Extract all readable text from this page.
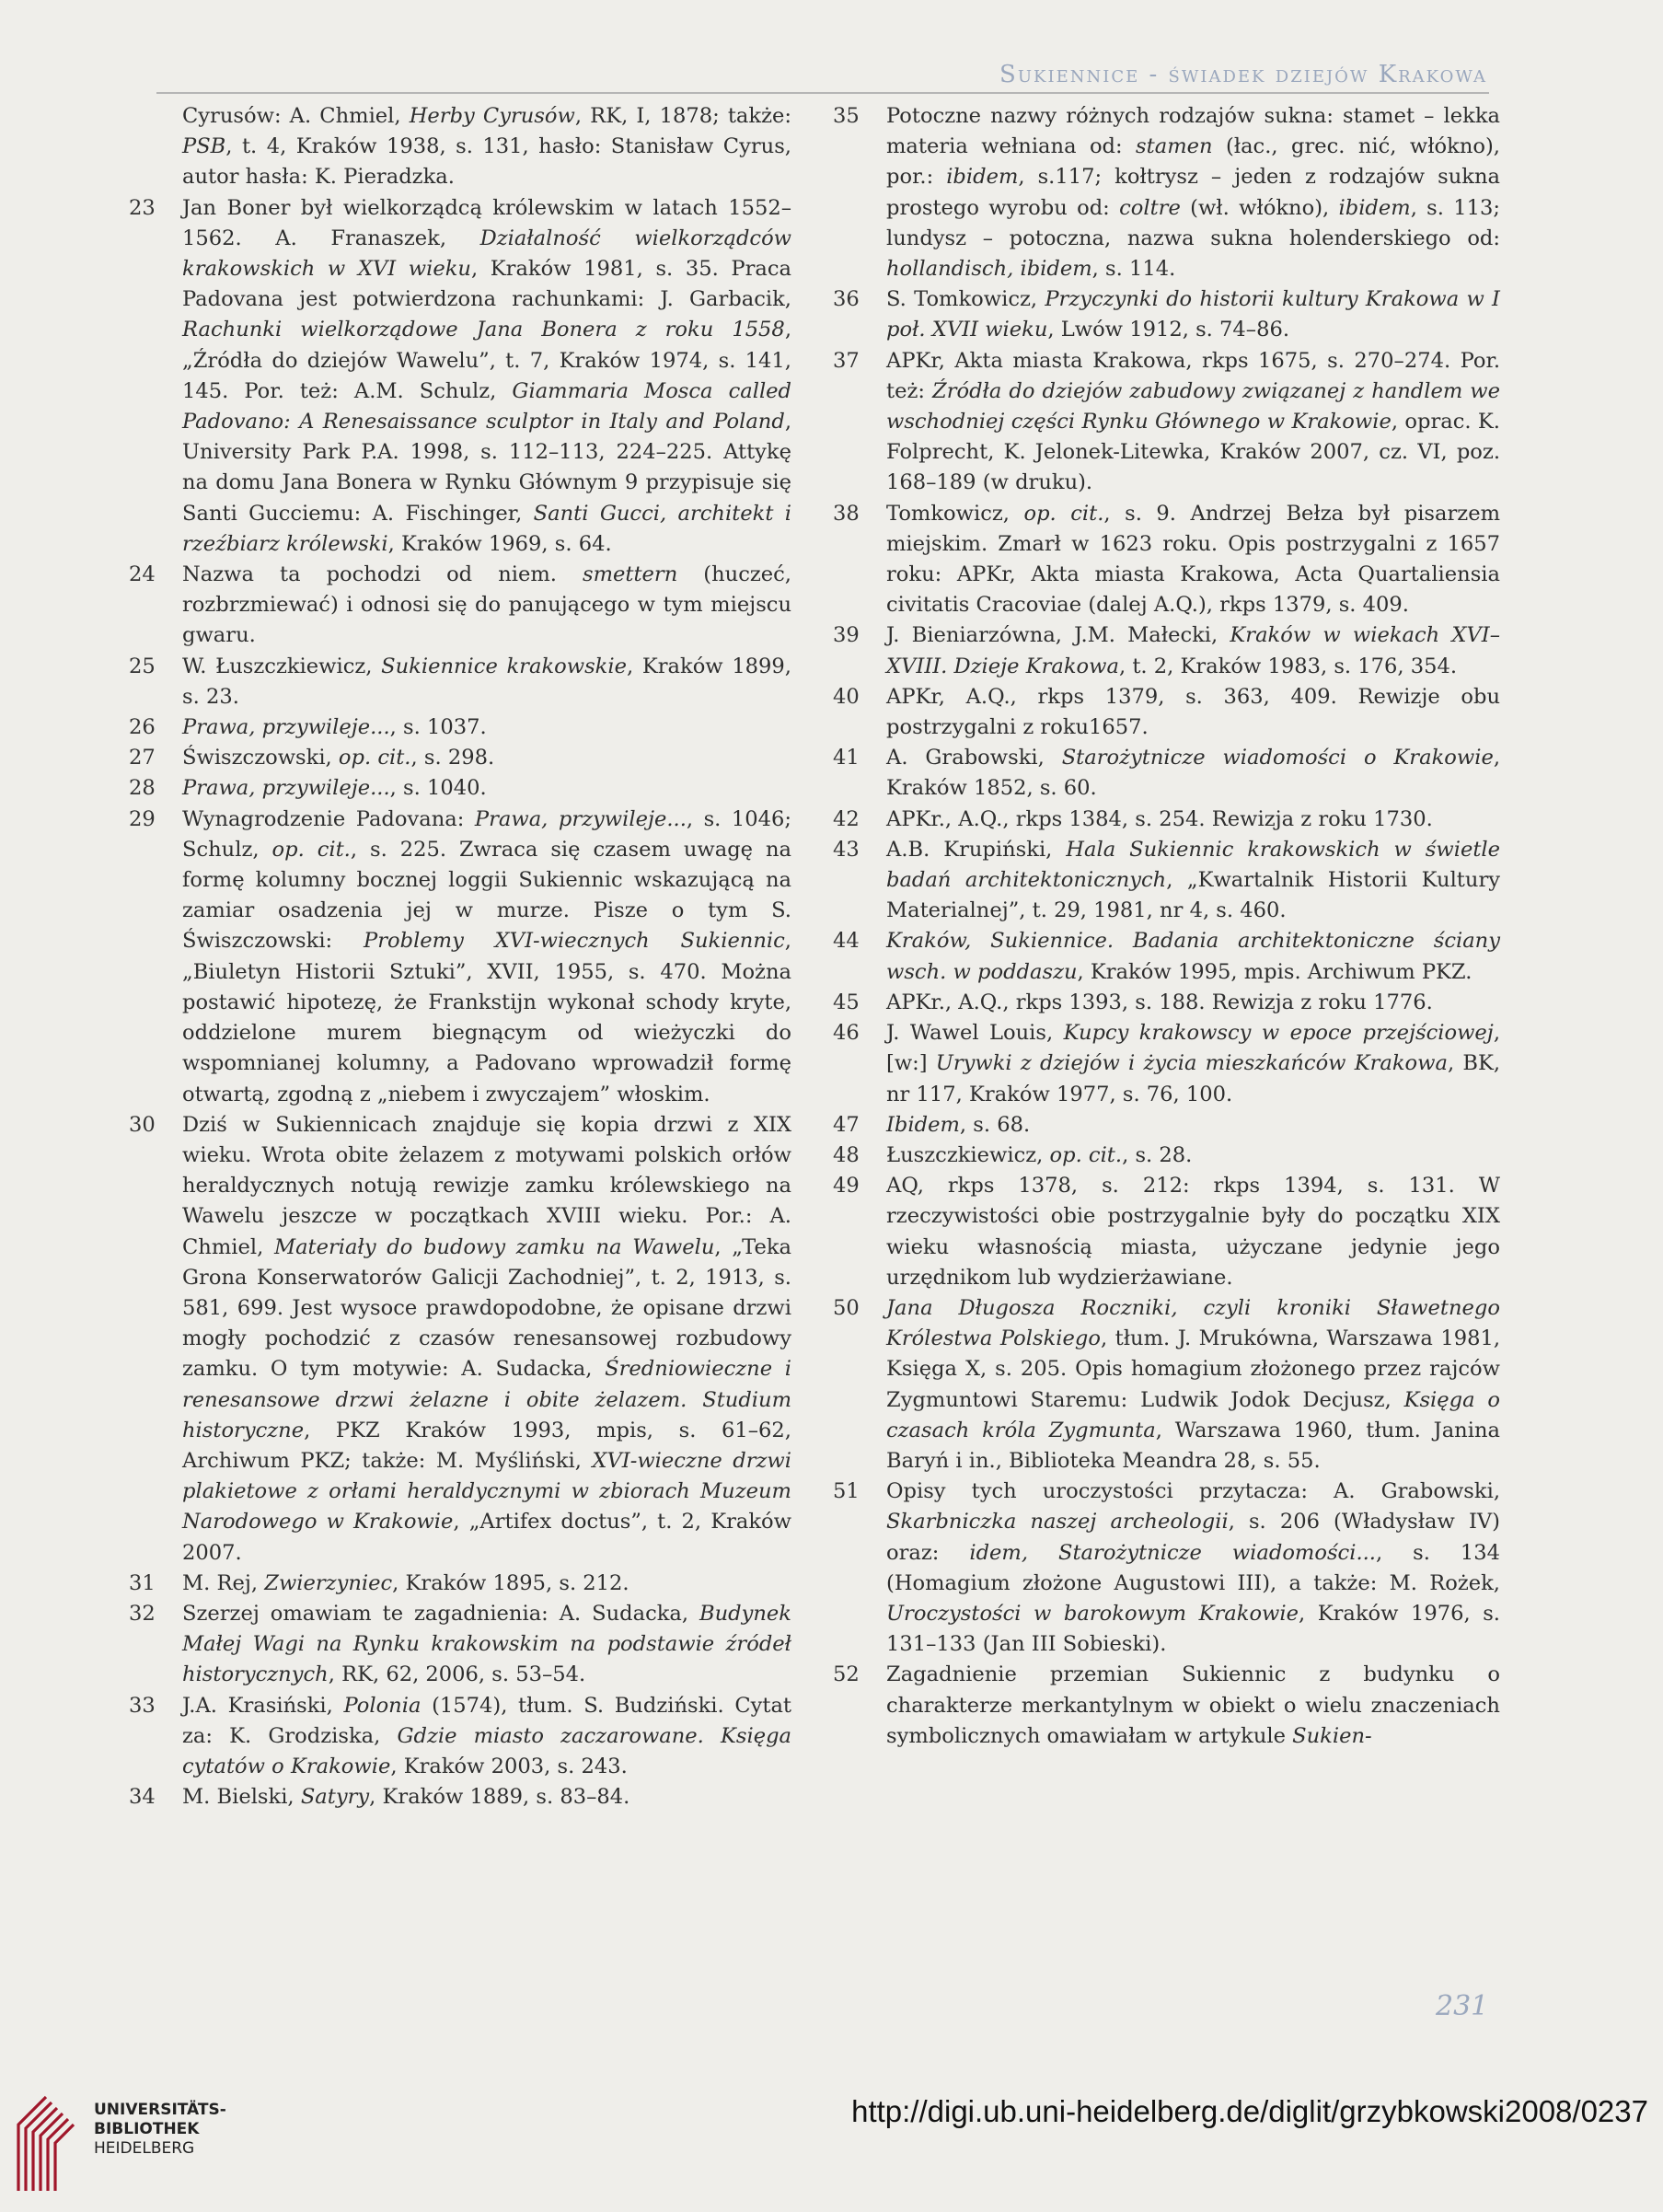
Sukiennice - świadek dziejów Krakowa
Cyrusów: A. Chmiel, Herby Cyrusów, RK, I, 1878; także: PSB, t. 4, Kraków 1938, s. 131, hasło: Stanisław Cyrus, autor hasła: K. Pieradzka.
23	Jan Boner był wielkorządcą królewskim w latach 1552–1562. A. Franaszek, Działalność wielkorządców krakowskich w XVI wieku, Kraków 1981, s. 35. Praca Padovana jest potwierdzona rachunkami: J. Garbacik, Rachunki wielkorządowe Jana Bonera z roku 1558, „Źródła do dziejów Wawelu”, t. 7, Kraków 1974, s. 141, 145. Por. też: A.M. Schulz, Giammaria Mosca called Padovano: A Renesaissance sculptor in Italy and Poland, University Park P.A. 1998, s. 112–113, 224–225. Attykę na domu Jana Bonera w Rynku Głównym 9 przypisuje się Santi Gucciemu: A. Fischinger, Santi Gucci, architekt i rzeźbiarz królewski, Kraków 1969, s. 64.
24	Nazwa ta pochodzi od niem. smettern (huczeć, rozbrzmiewać) i odnosi się do panującego w tym miejscu gwaru.
25	W. Łuszczkiewicz, Sukiennice krakowskie, Kraków 1899, s. 23.
26	Prawa, przywileje..., s. 1037.
27	Świszczowski, op. cit., s. 298.
28	Prawa, przywileje..., s. 1040.
29	Wynagrodzenie Padovana: Prawa, przywileje..., s. 1046; Schulz, op. cit., s. 225. Zwraca się czasem uwagę na formę kolumny bocznej loggii Sukiennic wskazującą na zamiar osadzenia jej w murze. Pisze o tym S. Świszczowski: Problemy XVI-wiecznych Sukiennic, „Biuletyn Historii Sztuki”, XVII, 1955, s. 470. Można postawić hipotezę, że Frankstijn wykonał schody kryte, oddzielone murem biegnącym od wieżyczki do wspomnianej kolumny, a Padovano wprowadził formę otwartą, zgodną z „niebem i zwyczajem” włoskim.
30	Dziś w Sukiennicach znajduje się kopia drzwi z XIX wieku. Wrota obite żelazem z motywami polskich orłów heraldycznych notują rewizje zamku królewskiego na Wawelu jeszcze w początkach XVIII wieku. Por.: A. Chmiel, Materiały do budowy zamku na Wawelu, „Teka Grona Konserwatorów Galicji Zachodniej”, t. 2, 1913, s. 581, 699. Jest wysoce prawdopodobne, że opisane drzwi mogły pochodzić z czasów renesansowej rozbudowy zamku. O tym motywie: A. Sudacka, Średniowieczne i renesansowe drzwi żelazne i obite żelazem. Studium historyczne, PKZ Kraków 1993, mpis, s. 61–62, Archiwum PKZ; także: M. Myśliński, XVI-wieczne drzwi plakietowe z orłami heraldycznymi w zbiorach Muzeum Narodowego w Krakowie, „Artifex doctus”, t. 2, Kraków 2007.
31	M. Rej, Zwierzyniec, Kraków 1895, s. 212.
32	Szerzej omawiam te zagadnienia: A. Sudacka, Budynek Małej Wagi na Rynku krakowskim na podstawie źródeł historycznych, RK, 62, 2006, s. 53–54.
33	J.A. Krasiński, Polonia (1574), tłum. S. Budziński. Cytat za: K. Grodziska, Gdzie miasto zaczarowane. Księga cytatów o Krakowie, Kraków 2003, s. 243.
34	M. Bielski, Satyry, Kraków 1889, s. 83–84.
35	Potoczne nazwy różnych rodzajów sukna: stamet – lekka materia wełniana od: stamen (łac., grec. nić, włókno), por.: ibidem, s.117; kołtrysz – jeden z rodzajów sukna prostego wyrobu od: coltre (wł. włókno), ibidem, s. 113; lundysz – potoczna, nazwa sukna holenderskiego od: hollandisch, ibidem, s. 114.
36	S. Tomkowicz, Przyczynki do historii kultury Krakowa w I poł. XVII wieku, Lwów 1912, s. 74–86.
37	APKr, Akta miasta Krakowa, rkps 1675, s. 270–274. Por. też: Źródła do dziejów zabudowy związanej z handlem we wschodniej części Rynku Głównego w Krakowie, oprac. K. Folprecht, K. Jelonek-Litewka, Kraków 2007, cz. VI, poz. 168–189 (w druku).
38	Tomkowicz, op. cit., s. 9. Andrzej Bełza był pisarzem miejskim. Zmarł w 1623 roku. Opis postrzygalni z 1657 roku: APKr, Akta miasta Krakowa, Acta Quartaliensia civitatis Cracoviae (dalej A.Q.), rkps 1379, s. 409.
39	J. Bieniarzówna, J.M. Małecki, Kraków w wiekach XVI–XVIII. Dzieje Krakowa, t. 2, Kraków 1983, s. 176, 354.
40	APKr, A.Q., rkps 1379, s. 363, 409. Rewizje obu postrzygalni z roku1657.
41	A. Grabowski, Starożytnicze wiadomości o Krakowie, Kraków 1852, s. 60.
42	APKr., A.Q., rkps 1384, s. 254. Rewizja z roku 1730.
43	A.B. Krupiński, Hala Sukiennic krakowskich w świetle badań architektonicznych, „Kwartalnik Historii Kultury Materialnej”, t. 29, 1981, nr 4, s. 460.
44	Kraków, Sukiennice. Badania architektoniczne ściany wsch. w poddaszu, Kraków 1995, mpis. Archiwum PKZ.
45	APKr., A.Q., rkps 1393, s. 188. Rewizja z roku 1776.
46	J. Wawel Louis, Kupcy krakowscy w epoce przejściowej, [w:] Urywki z dziejów i życia mieszkańców Krakowa, BK, nr 117, Kraków 1977, s. 76, 100.
47	Ibidem, s. 68.
48	Łuszczkiewicz, op. cit., s. 28.
49	AQ, rkps 1378, s. 212: rkps 1394, s. 131. W rzeczywistości obie postrzygalnie były do początku XIX wieku własnością miasta, użyczane jedynie jego urzędnikom lub wydzierżawiane.
50	Jana Długosza Roczniki, czyli kroniki Sławetnego Królestwa Polskiego, tłum. J. Mrukówna, Warszawa 1981, Księga X, s. 205. Opis homagium złożonego przez rajców Zygmuntowi Staremu: Ludwik Jodok Decjusz, Księga o czasach króla Zygmunta, Warszawa 1960, tłum. Janina Baryń i in., Biblioteka Meandra 28, s. 55.
51	Opisy tych uroczystości przytacza: A. Grabowski, Skarbniczka naszej archeologii, s. 206 (Władysław IV) oraz: idem, Starożytnicze wiadomości..., s. 134 (Homagium złożone Augustowi III), a także: M. Rożek, Uroczystości w barokowym Krakowie, Kraków 1976, s. 131–133 (Jan III Sobieski).
52	Zagadnienie przemian Sukiennic z budynku o charakterze merkantylnym w obiekt o wielu znaczeniach symbolicznych omawiałam w artykule Sukien-
231
UNIVERSITÄTS-
BIBLIOTHEK
HEIDELBERG
http://digi.ub.uni-heidelberg.de/diglit/grzybkowski2008/0237
